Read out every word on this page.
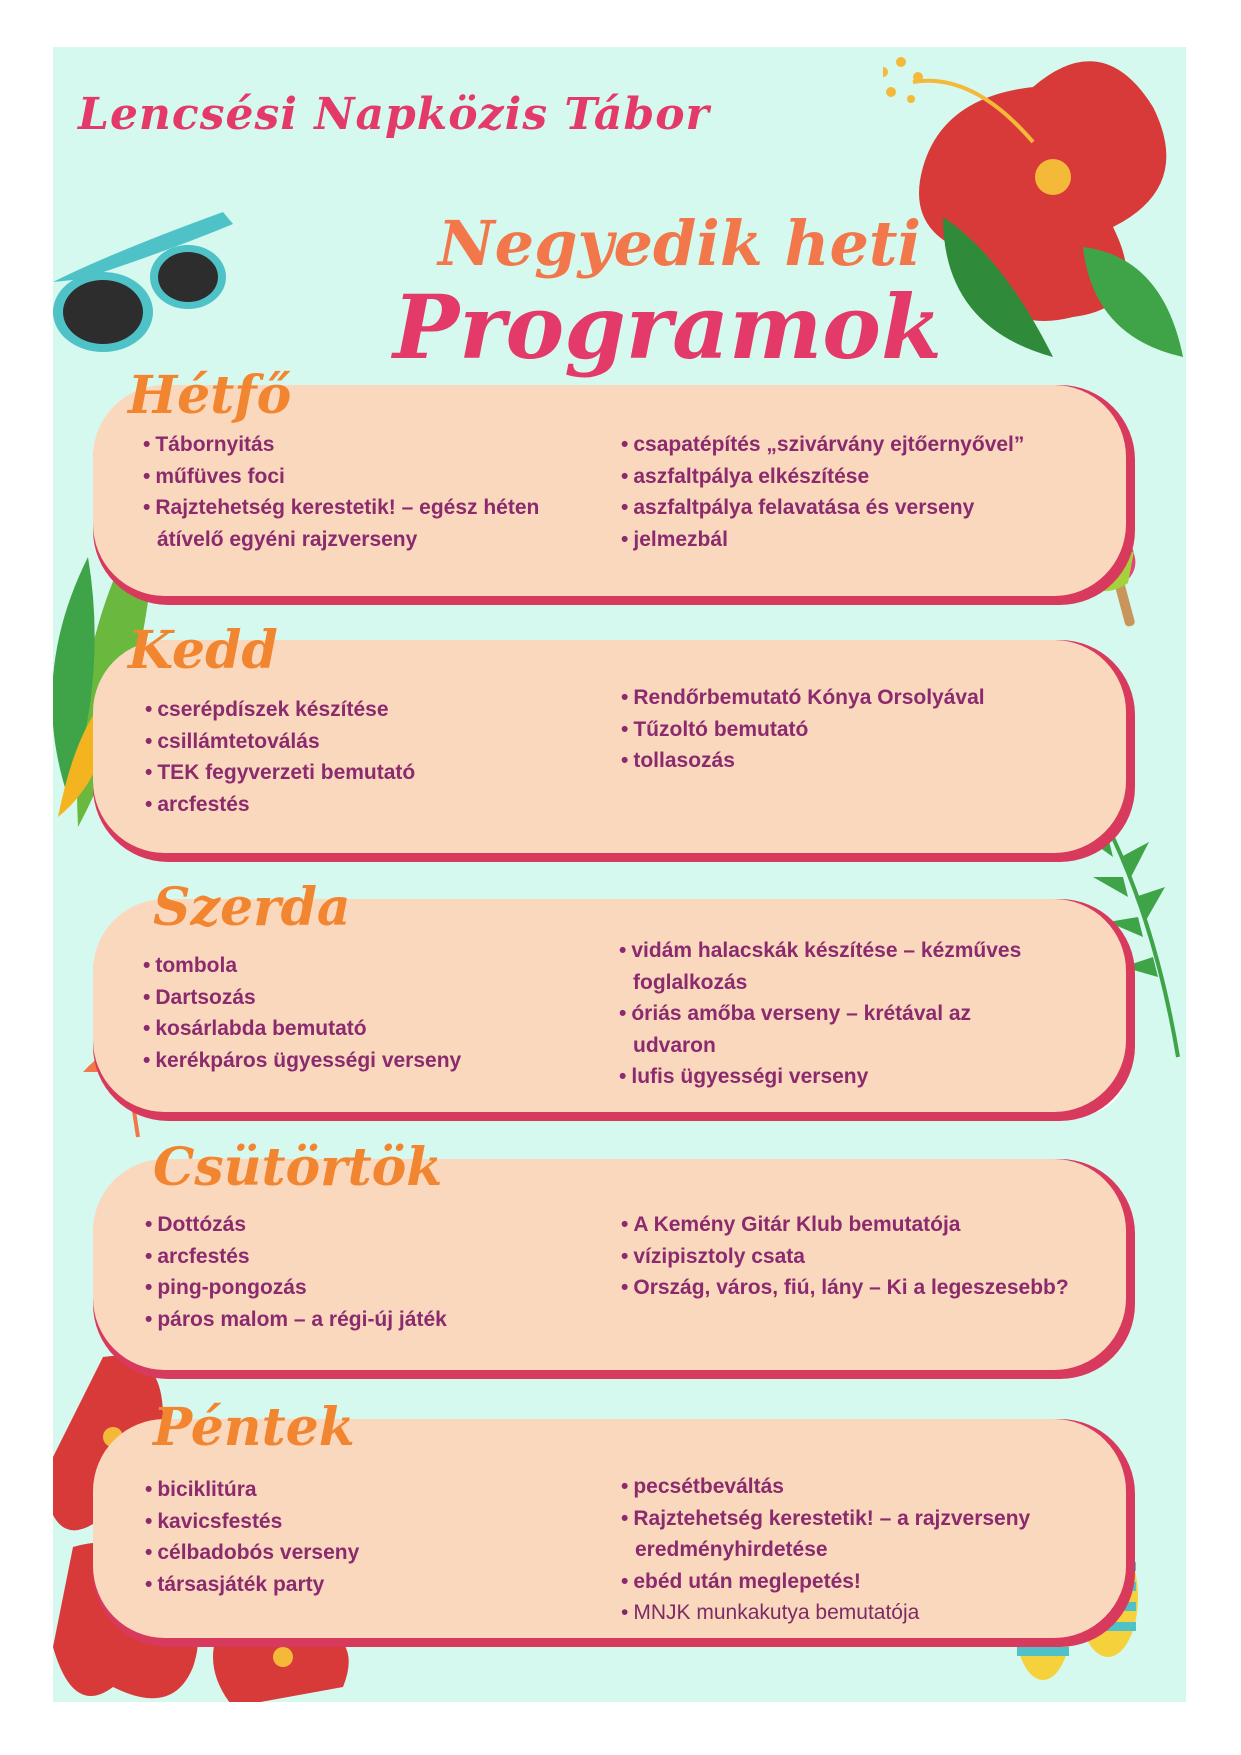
Lencsési Napközis Tábor
Negyedik heti
Programok
Hétfő
• Tábornyitás
• műfüves foci
• Rajztehetség kerestetik! – egész héten átívelő egyéni rajzverseny
• csapatépítés „szivárvány ejtőernyővel”
• aszfaltpálya elkészítése
• aszfaltpálya felavatása és verseny
• jelmezbál
Kedd
• cserépdíszek készítése
• csillámtetoválás
• TEK fegyverzeti bemutató
• arcfestés
• Rendőrbemutató Kónya Orsolyával
• Tűzoltó bemutató
• tollasozás
Szerda
• tombola
• Dartsozás
• kosárlabda bemutató
• kerékpáros ügyességi verseny
• vidám halacskák készítése – kézműves foglalkozás
• óriás amőba verseny – krétával az udvaron
• lufis ügyességi verseny
Csütörtök
• Dottózás
• arcfestés
• ping-pongozás
• páros malom – a régi-új játék
• A Kemény Gitár Klub bemutatója
• vízipisztoly csata
• Ország, város, fiú, lány – Ki a legeszesebb?
Péntek
• biciklitúra
• kavicsfestés
• célbadobós verseny
• társasjáték party
• pecsétbeváltás
• Rajztehetség kerestetik! – a rajzverseny eredményhirdetése
• ebéd után meglepetés!
• MNJK munkakutya bemutatója
